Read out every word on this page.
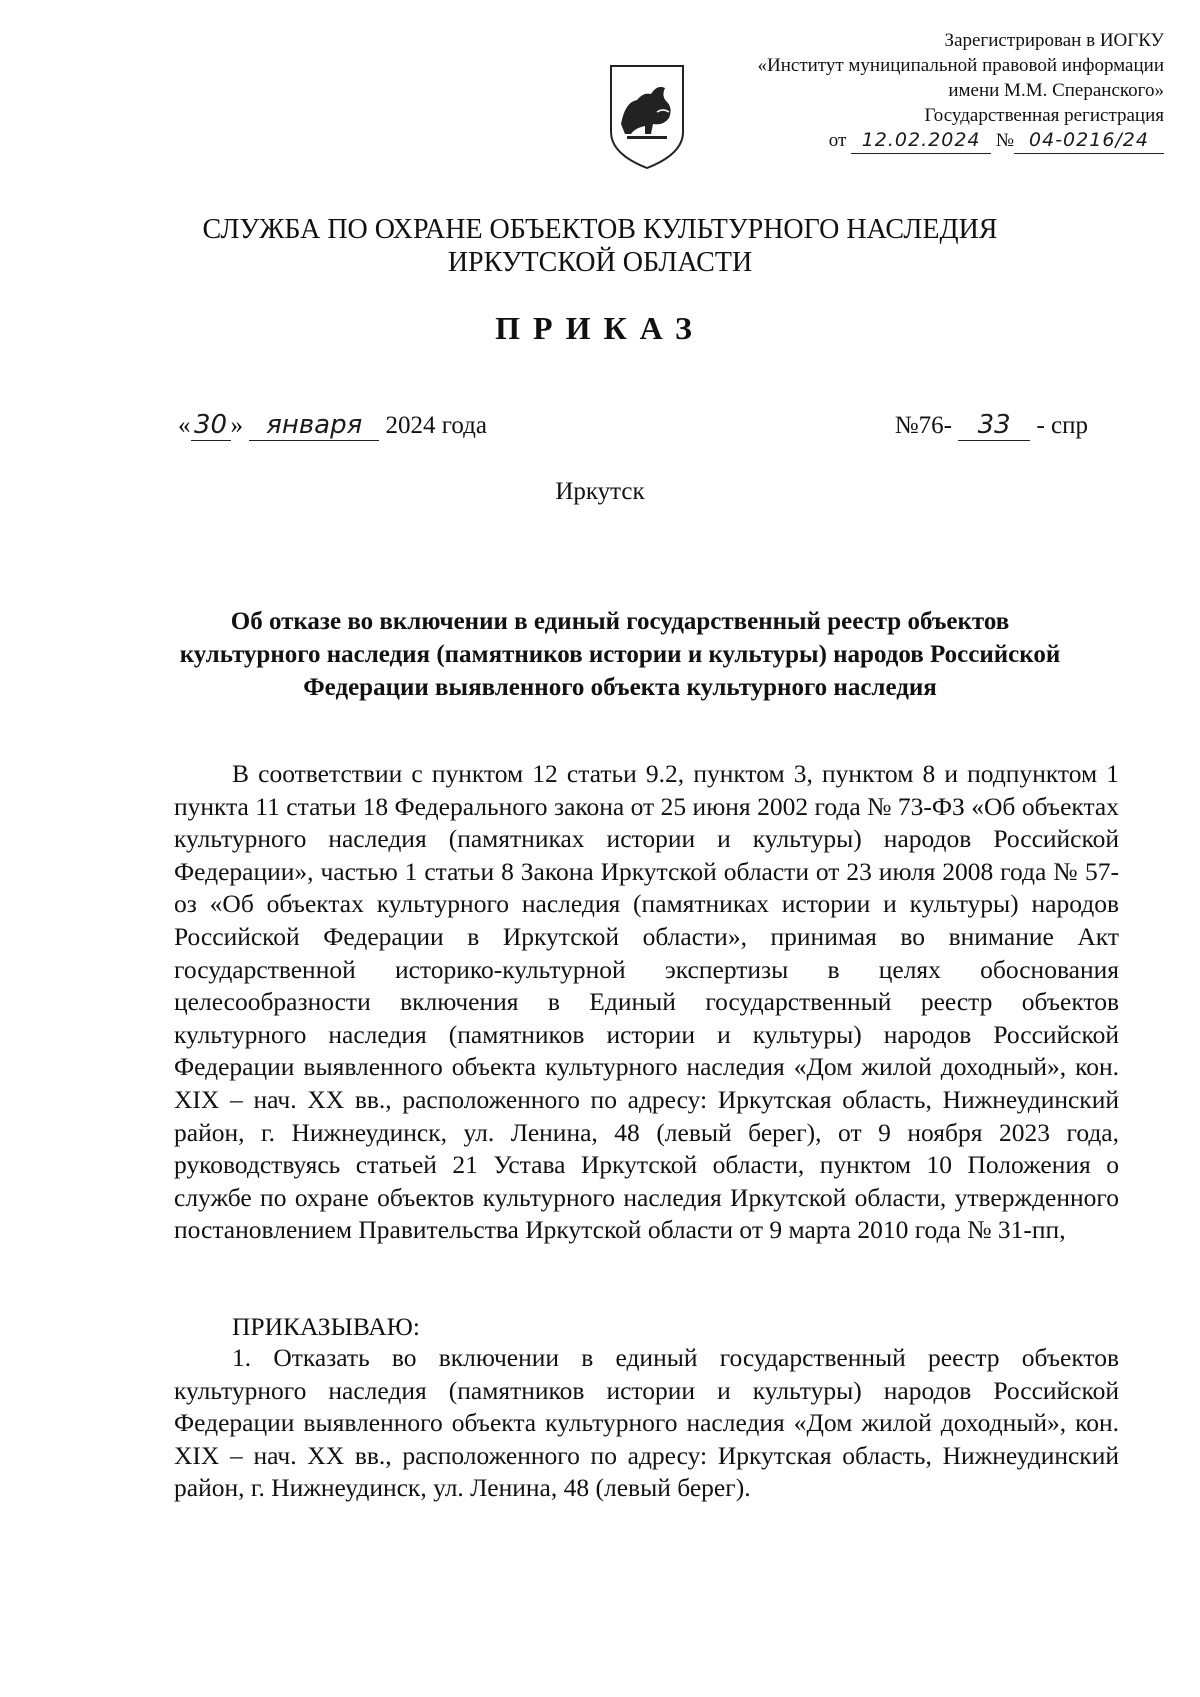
Зарегистрирован в ИОГКУ
«Институт муниципальной правовой информации
имени М.М. Сперанского»
Государственная регистрация
от 12.02.2024 № 04-0216/24
СЛУЖБА ПО ОХРАНЕ ОБЪЕКТОВ КУЛЬТУРНОГО НАСЛЕДИЯ
ИРКУТСКОЙ ОБЛАСТИ
ПРИКАЗ
« 30 » января 2024 года	№76- 33 - спр
Иркутск
Об отказе во включении в единый государственный реестр объектов культурного наследия (памятников истории и культуры) народов Российской Федерации выявленного объекта культурного наследия
В соответствии с пунктом 12 статьи 9.2, пунктом 3, пунктом 8 и подпунктом 1 пункта 11 статьи 18 Федерального закона от 25 июня 2002 года № 73-ФЗ «Об объектах культурного наследия (памятниках истории и культуры) народов Российской Федерации», частью 1 статьи 8 Закона Иркутской области от 23 июля 2008 года № 57-оз «Об объектах культурного наследия (памятниках истории и культуры) народов Российской Федерации в Иркутской области», принимая во внимание Акт государственной историко-культурной экспертизы в целях обоснования целесообразности включения в Единый государственный реестр объектов культурного наследия (памятников истории и культуры) народов Российской Федерации выявленного объекта культурного наследия «Дом жилой доходный», кон. XIX – нач. XX вв., расположенного по адресу: Иркутская область, Нижнеудинский район, г. Нижнеудинск, ул. Ленина, 48 (левый берег), от 9 ноября 2023 года, руководствуясь статьей 21 Устава Иркутской области, пунктом 10 Положения о службе по охране объектов культурного наследия Иркутской области, утвержденного постановлением Правительства Иркутской области от 9 марта 2010 года № 31-пп,
ПРИКАЗЫВАЮ:
1. Отказать во включении в единый государственный реестр объектов культурного наследия (памятников истории и культуры) народов Российской Федерации выявленного объекта культурного наследия «Дом жилой доходный», кон. XIX – нач. XX вв., расположенного по адресу: Иркутская область, Нижнеудинский район, г. Нижнеудинск, ул. Ленина, 48 (левый берег).
